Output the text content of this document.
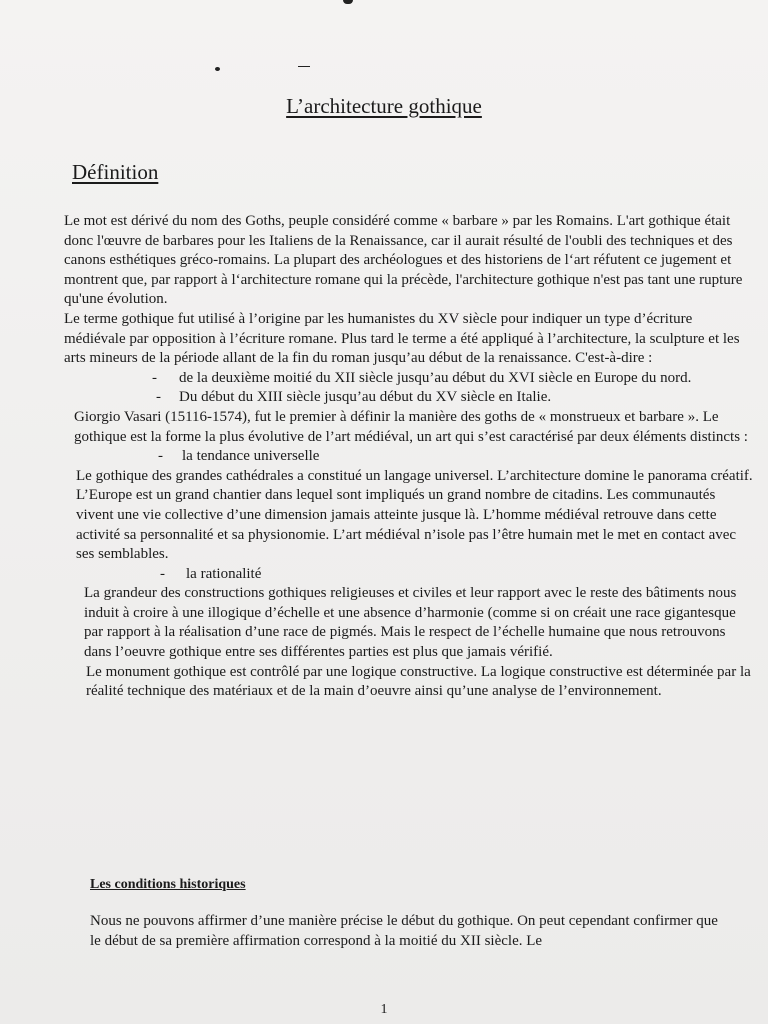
L’architecture gothique
Définition

Le mot est dérivé du nom des Goths, peuple considéré comme « barbare » par les Romains. L'art gothique était donc l'œuvre de barbares pour les Italiens de la Renaissance, car il aurait résulté de l'oubli des techniques et des canons esthétiques gréco-romains. La plupart des archéologues et des historiens de l‘art réfutent ce jugement et montrent que, par rapport à l‘architecture romane qui la précède, l'architecture gothique n'est pas tant une rupture qu'une évolution.

Le terme gothique fut utilisé à l’origine par les humanistes du XV siècle pour indiquer un type d’écriture médiévale par opposition à l’écriture romane. Plus tard le terme a été appliqué à l’architecture, la sculpture et les arts mineurs de la période allant de la fin du roman jusqu’au début de la renaissance. C'est-à-dire :

- de la deuxième moitié du XII siècle jusqu’au début du XVI siècle en Europe du nord.

- Du début du XIII siècle jusqu’au début du XV siècle en Italie.

Giorgio Vasari (15116-1574), fut le premier à définir la manière des goths de « monstrueux et barbare ». Le gothique est la forme la plus évolutive de l’art médiéval, un art qui s’est caractérisé par deux éléments distincts :

- la tendance universelle

Le gothique des grandes cathédrales a constitué un langage universel. L’architecture domine le panorama créatif.

L’Europe est un grand chantier dans lequel sont impliqués un grand nombre de citadins. Les communautés vivent une vie collective d’une dimension jamais atteinte jusque là. L’homme médiéval retrouve dans cette activité sa personnalité et sa physionomie. L’art médiéval n’isole pas l’être humain met le met en contact avec ses semblables.

- la rationalité

La grandeur des constructions gothiques religieuses et civiles et leur rapport avec le reste des bâtiments nous induit à croire à une illogique d’échelle et une absence d’harmonie (comme si on créait une race gigantesque par rapport à la réalisation d’une race de pigmés. Mais le respect de l’échelle humaine que nous retrouvons dans l’oeuvre gothique entre ses différentes parties est plus que jamais vérifié.

Le monument gothique est contrôlé par une logique constructive. La logique constructive est déterminée par la réalité technique des matériaux et de la main d’oeuvre ainsi qu’une analyse de l’environnement.

Les conditions historiques

Nous ne pouvons affirmer d’une manière précise le début du gothique. On peut cependant confirmer que le début de sa première affirmation correspond à la moitié du XII siècle. Le

1
